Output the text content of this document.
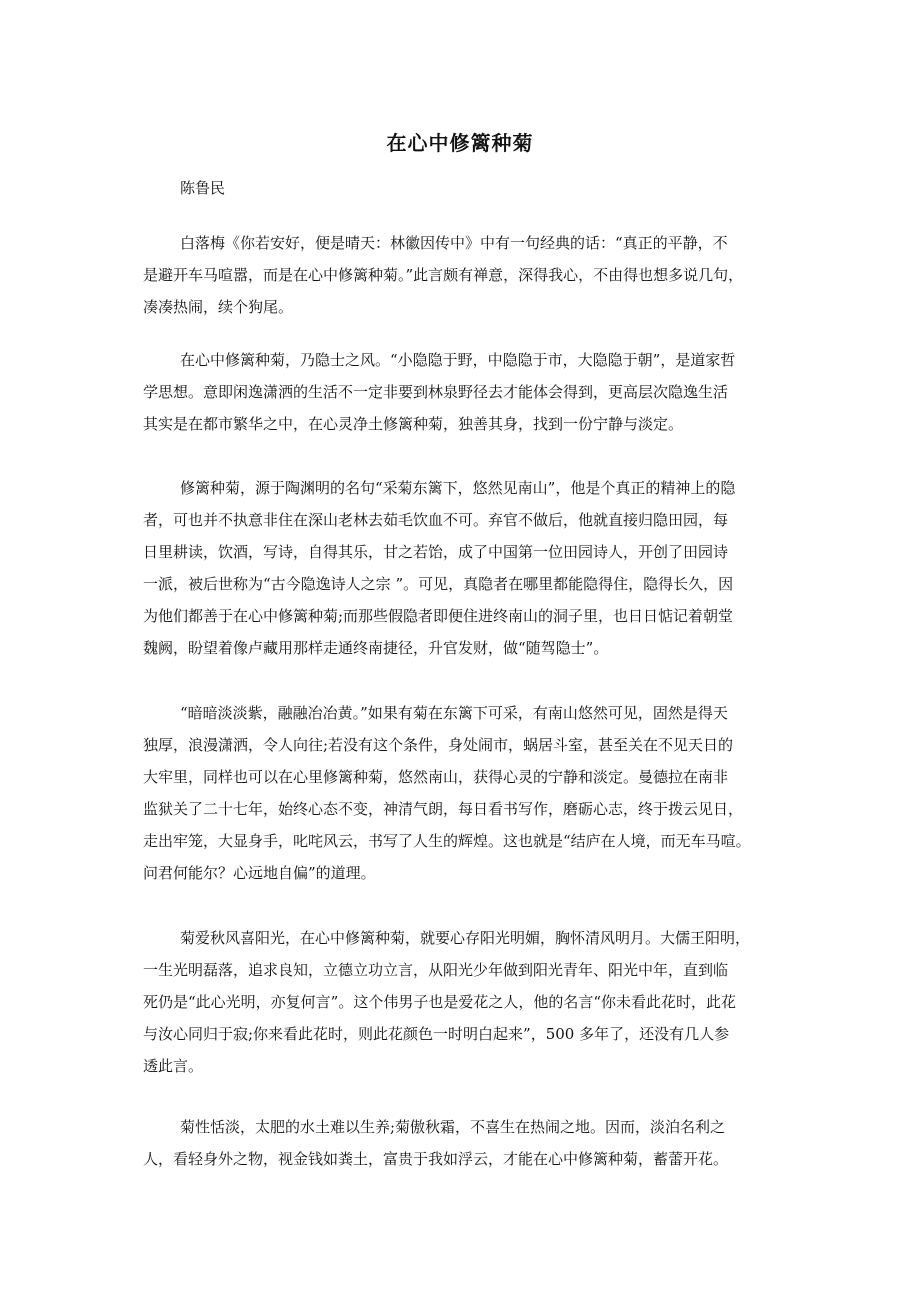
在心中修篱种菊

陈鲁民

白落梅《你若安好，便是晴天：林徽因传中》中有一句经典的话：“真正的平静，不
是避开车马喧嚣，而是在心中修篱种菊。”此言颇有禅意，深得我心，不由得也想多说几句，
凑凑热闹，续个狗尾。
在心中修篱种菊，乃隐士之风。“小隐隐于野，中隐隐于市，大隐隐于朝”，是道家哲
学思想。意即闲逸潇洒的生活不一定非要到林泉野径去才能体会得到，更高层次隐逸生活
其实是在都市繁华之中，在心灵净土修篱种菊，独善其身，找到一份宁静与淡定。
修篱种菊，源于陶渊明的名句“采菊东篱下，悠然见南山”，他是个真正的精神上的隐
者，可也并不执意非住在深山老林去茹毛饮血不可。弃官不做后，他就直接归隐田园，每
日里耕读，饮酒，写诗，自得其乐，甘之若饴，成了中国第一位田园诗人，开创了田园诗
一派，被后世称为“古今隐逸诗人之宗 ”。可见，真隐者在哪里都能隐得住，隐得长久，因
为他们都善于在心中修篱种菊;而那些假隐者即便住进终南山的洞子里，也日日惦记着朝堂
魏阙，盼望着像卢藏用那样走通终南捷径，升官发财，做“随驾隐士”。
“暗暗淡淡紫，融融冶冶黄。”如果有菊在东篱下可采，有南山悠然可见，固然是得天
独厚，浪漫潇洒，令人向往;若没有这个条件，身处闹市，蜗居斗室，甚至关在不见天日的
大牢里，同样也可以在心里修篱种菊，悠然南山，获得心灵的宁静和淡定。曼德拉在南非
监狱关了二十七年，始终心态不变，神清气朗，每日看书写作，磨砺心志，终于拨云见日，
走出牢笼，大显身手，叱咤风云，书写了人生的辉煌。这也就是“结庐在人境，而无车马喧。
问君何能尔？心远地自偏”的道理。
菊爱秋风喜阳光，在心中修篱种菊，就要心存阳光明媚，胸怀清风明月。大儒王阳明，
一生光明磊落，追求良知，立德立功立言，从阳光少年做到阳光青年、阳光中年，直到临
死仍是“此心光明，亦复何言”。这个伟男子也是爱花之人，他的名言“你未看此花时，此花
与汝心同归于寂;你来看此花时，则此花颜色一时明白起来”，500 多年了，还没有几人参
透此言。
菊性恬淡，太肥的水土难以生养;菊傲秋霜，不喜生在热闹之地。因而，淡泊名利之
人，看轻身外之物，视金钱如粪土，富贵于我如浮云，才能在心中修篱种菊，蓄蕾开花。
